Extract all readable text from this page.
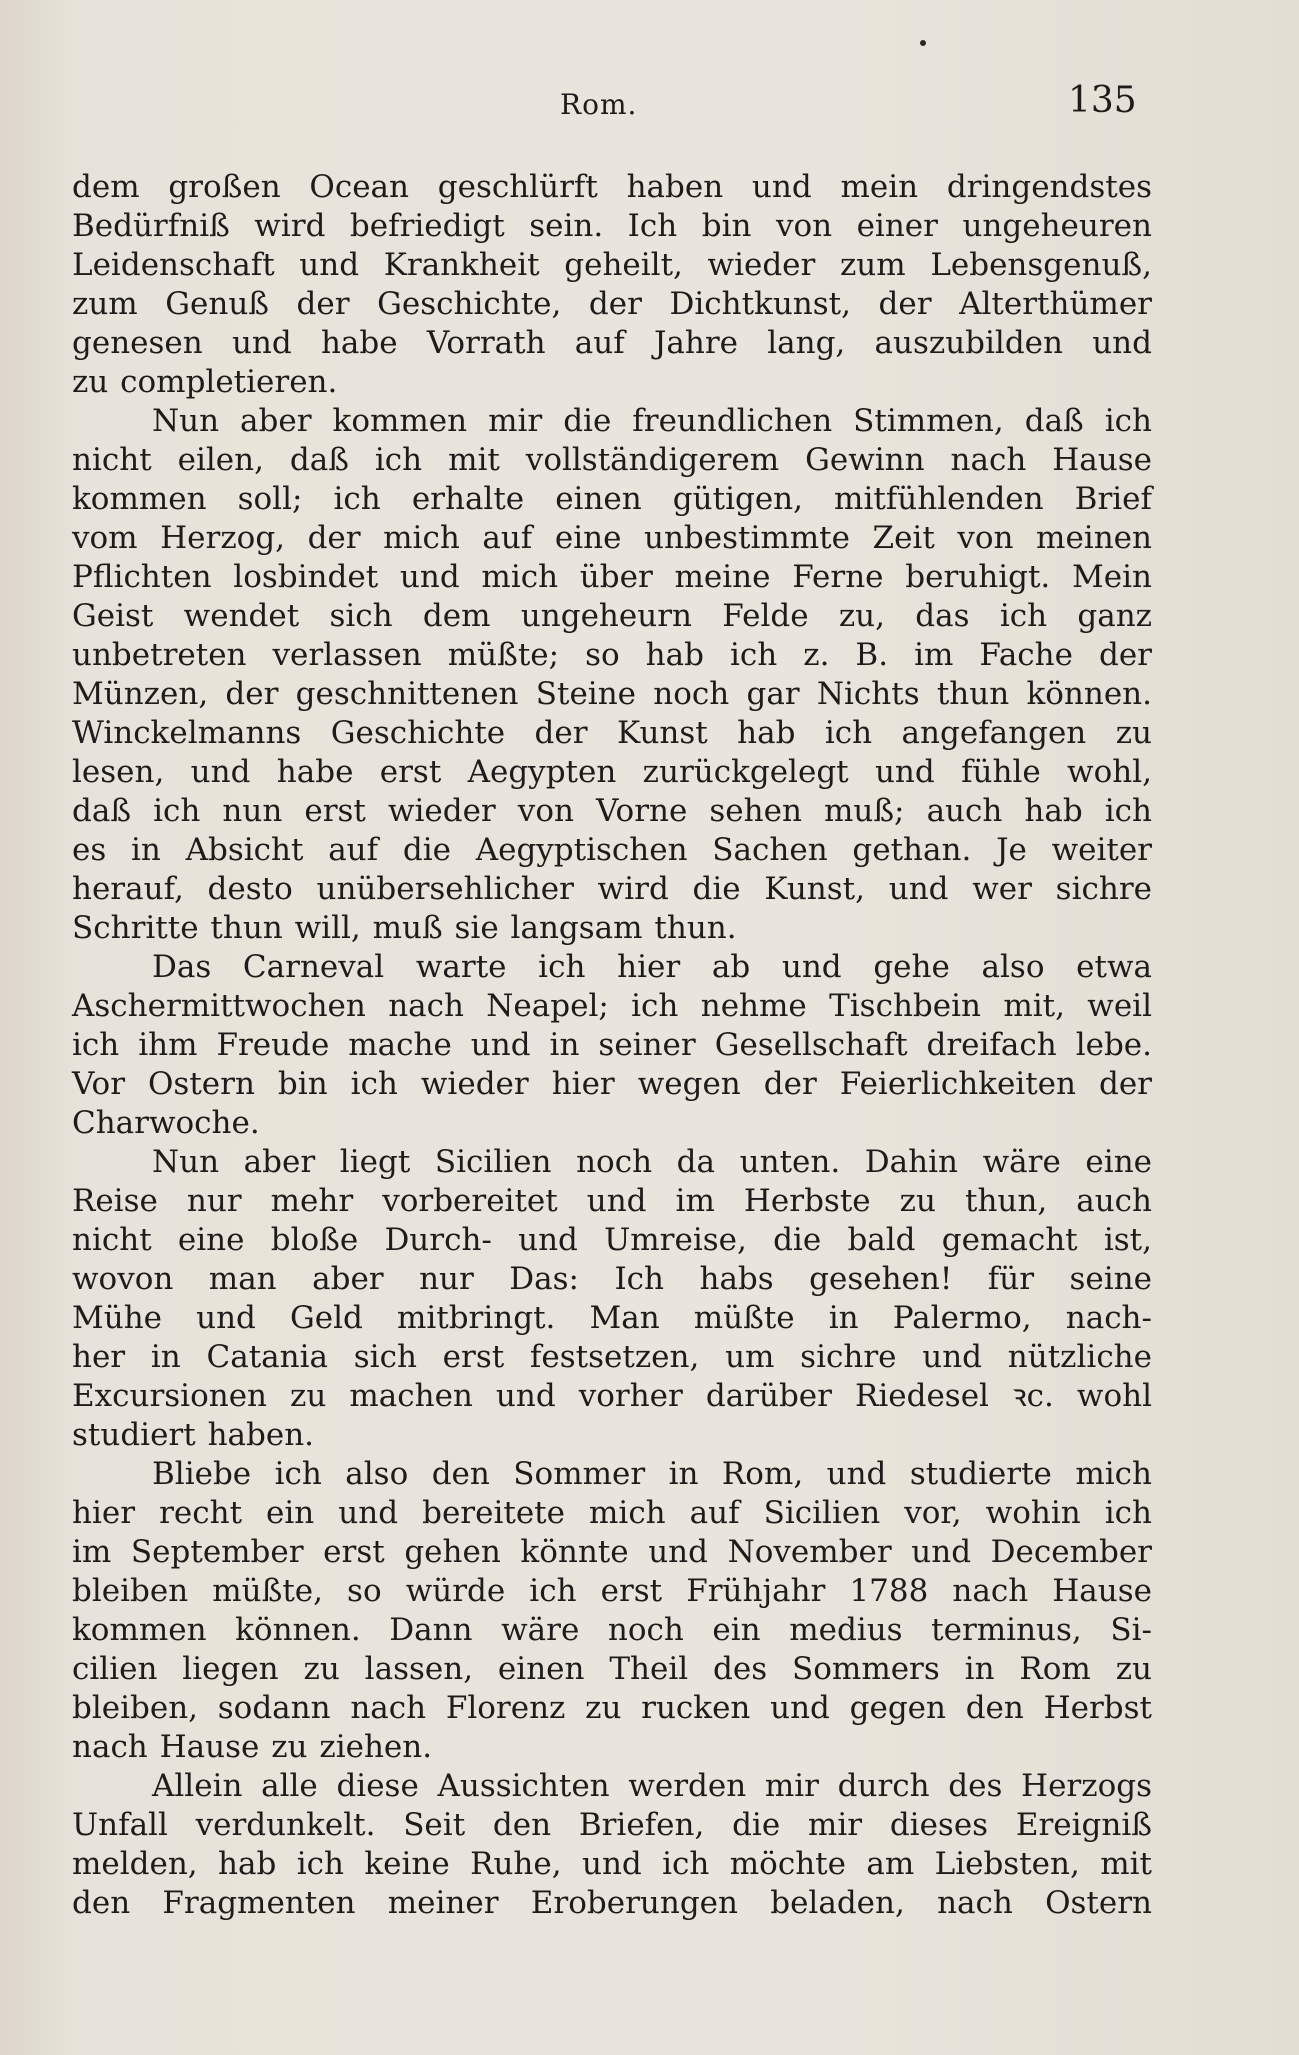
Rom.	135
dem großen Ocean geschlürft haben und mein dringendstes
Bedürfniß wird befriedigt sein. Ich bin von einer ungeheuren
Leidenschaft und Krankheit geheilt, wieder zum Lebensgenuß,
zum Genuß der Geschichte, der Dichtkunst, der Alterthümer
genesen und habe Vorrath auf Jahre lang, auszubilden und
zu completieren.
Nun aber kommen mir die freundlichen Stimmen, daß ich
nicht eilen, daß ich mit vollständigerem Gewinn nach Hause
kommen soll; ich erhalte einen gütigen, mitfühlenden Brief
vom Herzog, der mich auf eine unbestimmte Zeit von meinen
Pflichten losbindet und mich über meine Ferne beruhigt. Mein
Geist wendet sich dem ungeheurn Felde zu, das ich ganz
unbetreten verlassen müßte; so hab ich z. B. im Fache der
Münzen, der geschnittenen Steine noch gar Nichts thun können.
Winckelmanns Geschichte der Kunst hab ich angefangen zu
lesen, und habe erst Aegypten zurückgelegt und fühle wohl,
daß ich nun erst wieder von Vorne sehen muß; auch hab ich
es in Absicht auf die Aegyptischen Sachen gethan. Je weiter
herauf, desto unübersehlicher wird die Kunst, und wer sichre
Schritte thun will, muß sie langsam thun.
Das Carneval warte ich hier ab und gehe also etwa
Aschermittwochen nach Neapel; ich nehme Tischbein mit, weil
ich ihm Freude mache und in seiner Gesellschaft dreifach lebe.
Vor Ostern bin ich wieder hier wegen der Feierlichkeiten der
Charwoche.
Nun aber liegt Sicilien noch da unten. Dahin wäre eine
Reise nur mehr vorbereitet und im Herbste zu thun, auch
nicht eine bloße Durch- und Umreise, die bald gemacht ist,
wovon man aber nur Das: Ich habs gesehen! für seine
Mühe und Geld mitbringt. Man müßte in Palermo, nach-
her in Catania sich erst festsetzen, um sichre und nützliche
Excursionen zu machen und vorher darüber Riedesel ꝛc. wohl
studiert haben.
Bliebe ich also den Sommer in Rom, und studierte mich
hier recht ein und bereitete mich auf Sicilien vor, wohin ich
im September erst gehen könnte und November und December
bleiben müßte, so würde ich erst Frühjahr 1788 nach Hause
kommen können. Dann wäre noch ein medius terminus, Si-
cilien liegen zu lassen, einen Theil des Sommers in Rom zu
bleiben, sodann nach Florenz zu rucken und gegen den Herbst
nach Hause zu ziehen.
Allein alle diese Aussichten werden mir durch des Herzogs
Unfall verdunkelt. Seit den Briefen, die mir dieses Ereigniß
melden, hab ich keine Ruhe, und ich möchte am Liebsten, mit
den Fragmenten meiner Eroberungen beladen, nach Ostern
